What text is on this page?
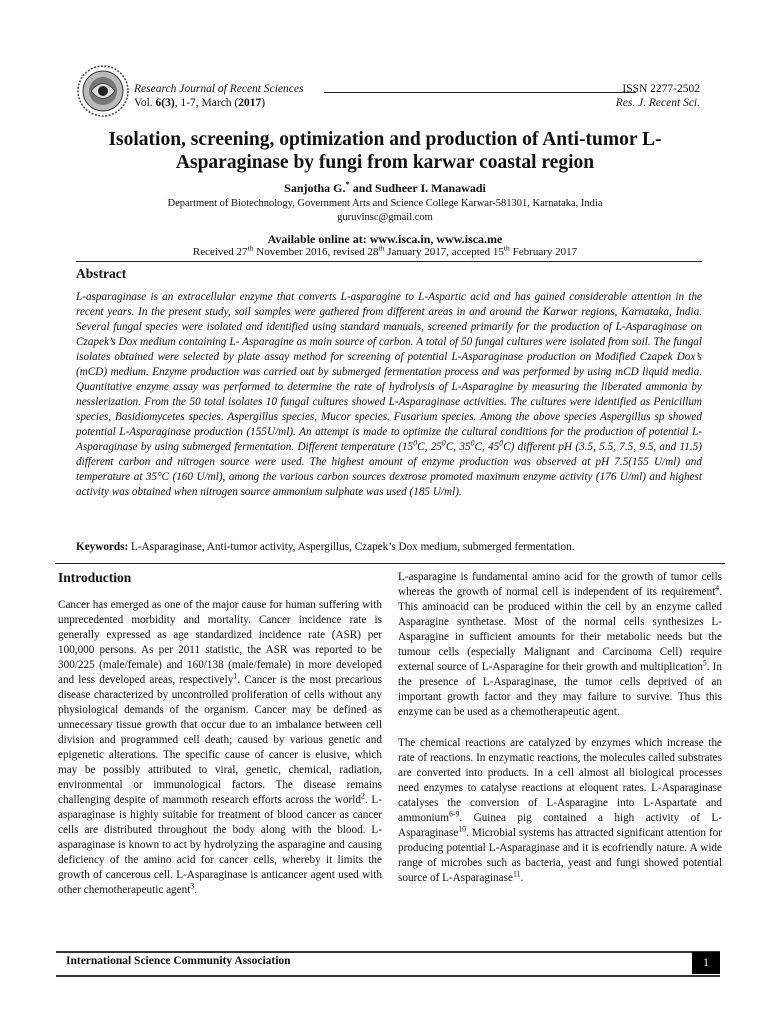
Research Journal of Recent Sciences
Vol. 6(3), 1-7, March (2017)
ISSN 2277-2502
Res. J. Recent Sci.
Isolation, screening, optimization and production of Anti-tumor L-Asparaginase by fungi from karwar coastal region
Sanjotha G.* and Sudheer I. Manawadi
Department of Biotechnology, Government Arts and Science College Karwar-581301, Karnataka, India
guruvinsc@gmail.com
Available online at: www.isca.in, www.isca.me
Received 27th November 2016, revised 28th January 2017, accepted 15th February 2017
Abstract
L-asparaginase is an extracellular enzyme that converts L-asparagine to L-Aspartic acid and has gained considerable attention in the recent years. In the present study, soil samples were gathered from different areas in and around the Karwar regions, Karnataka, India. Several fungal species were isolated and identified using standard manuals, screened primarily for the production of L-Asparaginase on Czapek’s Dox medium containing L- Asparagine as main source of carbon. A total of 50 fungal cultures were isolated from soil. The fungal isolates obtained were selected by plate assay method for screening of potential L-Asparaginase production on Modified Czapek Dox’s (mCD) medium. Enzyme production was carried out by submerged fermentation process and was performed by using mCD liquid media. Quantitative enzyme assay was performed to determine the rate of hydrolysis of L-Asparagine by measuring the liberated ammonia by nesslerization. From the 50 total isolates 10 fungal cultures showed L-Asparaginase activities. The cultures were identified as Penicillum species, Basidiomycetes species. Aspergillus species, Mucor species. Fusarium species. Among the above species Aspergillus sp showed potential L-Asparaginase production (155U/ml). An attempt is made to optimize the cultural conditions for the production of potential L-Asparaginase by using submerged fermentation. Different temperature ($15^0C$, $25^0C$, $35^0C$, $45^0C$) different pH (3.5, 5.5, 7.5, 9.5, and 11.5) different carbon and nitrogen source were used. The highest amount of enzyme production was observed at pH 7.5(155 U/ml) and temperature at 35°C (160 U/ml), among the various carbon sources dextrose promoted maximum enzyme activity (176 U/ml) and highest activity was obtained when nitrogen source ammonium sulphate was used (185 U/ml).
Keywords: L-Asparaginase, Anti-tumor activity, Aspergillus, Czapek’s Dox medium, submerged fermentation.
Introduction

Cancer has emerged as one of the major cause for human suffering with unprecedented morbidity and mortality. Cancer incidence rate is generally expressed as age standardized incidence rate (ASR) per 100,000 persons. As per 2011 statistic, the ASR was reported to be 300/225 (male/female) and 160/138 (male/female) in more developed and less developed areas, respectively$^1$. Cancer is the most precarious disease characterized by uncontrolled proliferation of cells without any physiological demands of the organism. Cancer may be defined as unnecessary tissue growth that occur due to an imbalance between cell division and programmed cell death; caused by various genetic and epigenetic alterations. The specific cause of cancer is elusive, which may be possibly attributed to viral, genetic, chemical, radiation, environmental or immunological factors. The disease remains challenging despite of mammoth research efforts across the world$^2$. L-asparaginase is highly suitable for treatment of blood cancer as cancer cells are distributed throughout the body along with the blood. L-asparaginase is known to act by hydrolyzing the asparagine and causing deficiency of the amino acid for cancer cells, whereby it limits the growth of cancerous cell. L-Asparaginase is anticancer agent used with other chemotherapeutic agent$^3$.

L-asparagine is fundamental amino acid for the growth of tumor cells whereas the growth of normal cell is independent of its requirement$^4$. This aminoacid can be produced within the cell by an enzyme called Asparagine synthetase. Most of the normal cells synthesizes L-Asparagine in sufficient amounts for their metabolic needs but the tumour cells (especially Malignant and Carcinoma Cell) require external source of L-Asparagine for their growth and multiplication$^5$. In the presence of L-Asparaginase, the tumor cells deprived of an important growth factor and they may failure to survive. Thus this enzyme can be used as a chemotherapeutic agent.

The chemical reactions are catalyzed by enzymes which increase the rate of reactions. In enzymatic reactions, the molecules called substrates are converted into products. In a cell almost all biological processes need enzymes to catalyse reactions at eloquent rates. L-Asparaginase catalyses the conversion of L-Asparagine into L-Aspartate and ammonium$^{6-9}$. Guinea pig contained a high activity of L-Asparaginase$^{10}$. Microbial systems has attracted significant attention for producing potential L-Asparaginase and it is ecofriendly nature. A wide range of microbes such as bacteria, yeast and fungi showed potential source of L-Asparaginase$^{11}$.

International Science Community Association	1
